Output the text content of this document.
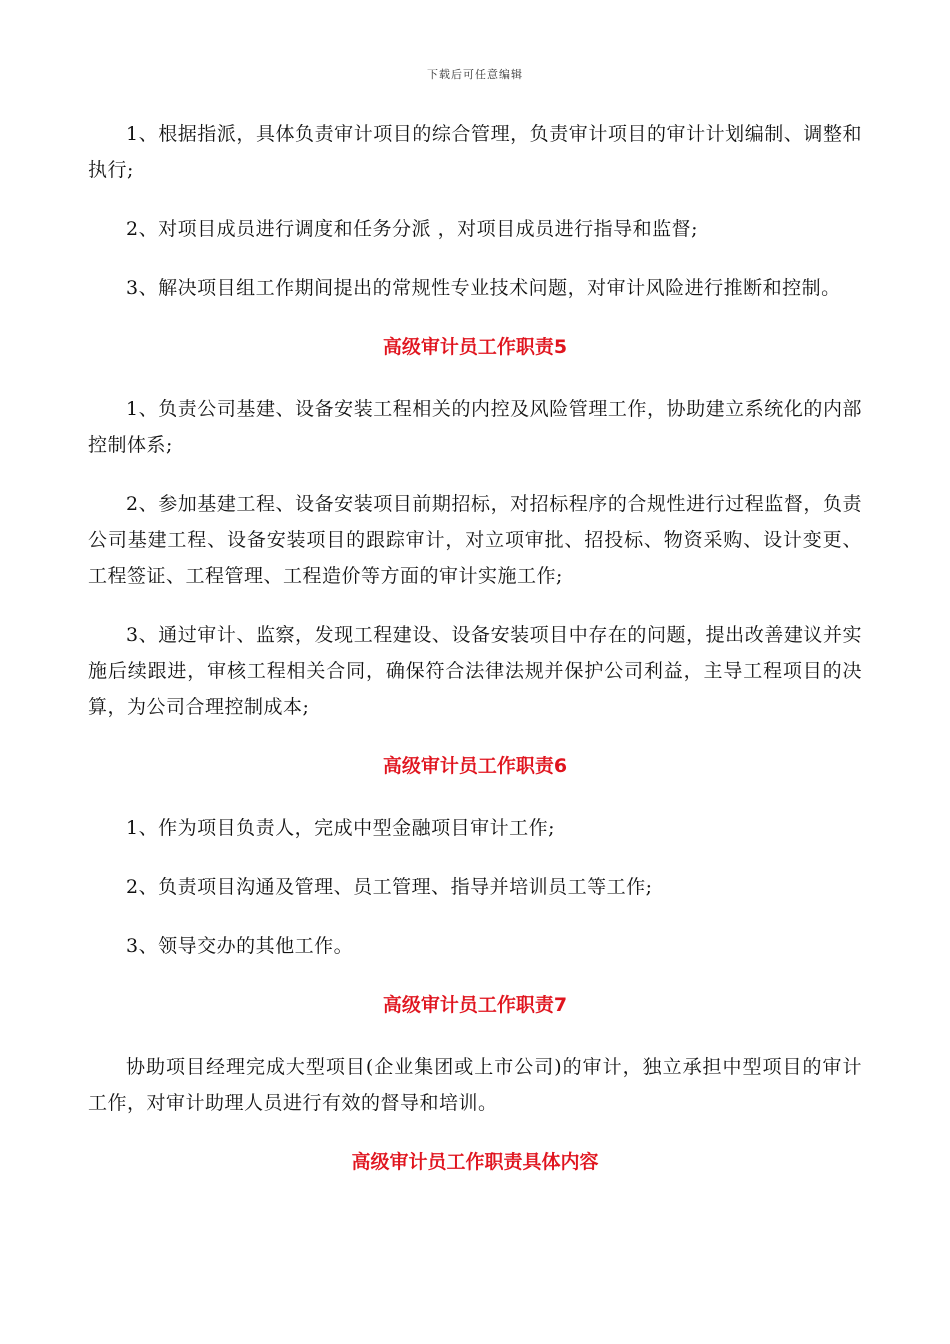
下载后可任意编辑

1、根据指派，具体负责审计项目的综合管理，负责审计项目的审计计划编制、调整和执行;

2、对项目成员进行调度和任务分派 ，对项目成员进行指导和监督;

3、解决项目组工作期间提出的常规性专业技术问题，对审计风险进行推断和控制。

高级审计员工作职责5

1、负责公司基建、设备安装工程相关的内控及风险管理工作，协助建立系统化的内部控制体系;

2、参加基建工程、设备安装项目前期招标，对招标程序的合规性进行过程监督，负责公司基建工程、设备安装项目的跟踪审计，对立项审批、招投标、物资采购、设计变更、工程签证、工程管理、工程造价等方面的审计实施工作;

3、通过审计、监察，发现工程建设、设备安装项目中存在的问题，提出改善建议并实施后续跟进，审核工程相关合同，确保符合法律法规并保护公司利益，主导工程项目的决算，为公司合理控制成本;

高级审计员工作职责6

1、作为项目负责人，完成中型金融项目审计工作;

2、负责项目沟通及管理、员工管理、指导并培训员工等工作;

3、领导交办的其他工作。

高级审计员工作职责7

协助项目经理完成大型项目(企业集团或上市公司)的审计，独立承担中型项目的审计工作，对审计助理人员进行有效的督导和培训。

高级审计员工作职责具体内容
